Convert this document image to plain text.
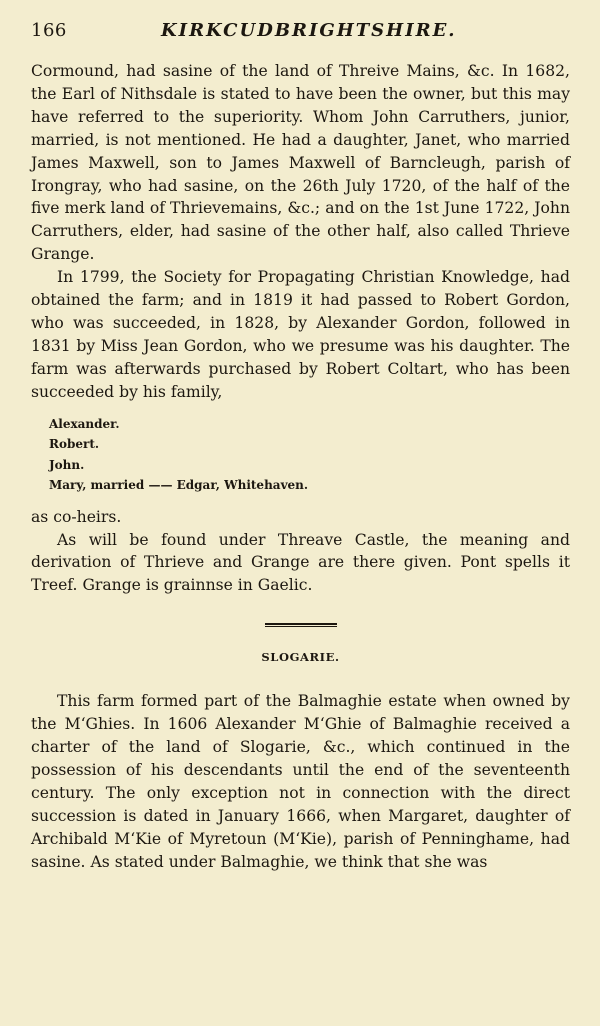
166	KIRKCUDBRIGHTSHIRE.

Cormound, had sasine of the land of Threive Mains, &c. In 1682, the Earl of Nithsdale is stated to have been the owner, but this may have referred to the superiority. Whom John Carruthers, junior, married, is not mentioned. He had a daughter, Janet, who married James Maxwell, son to James Maxwell of Barncleugh, parish of Irongray, who had sasine, on the 26th July 1720, of the half of the five merk land of Thrievemains, &c.; and on the 1st June 1722, John Carruthers, elder, had sasine of the other half, also called Thrieve Grange.

In 1799, the Society for Propagating Christian Knowledge, had obtained the farm; and in 1819 it had passed to Robert Gordon, who was succeeded, in 1828, by Alexander Gordon, followed in 1831 by Miss Jean Gordon, who we presume was his daughter. The farm was afterwards purchased by Robert Coltart, who has been succeeded by his family,

Alexander.
Robert.
John.
Mary, married —— Edgar, Whitehaven.

as co-heirs.

As will be found under Threave Castle, the meaning and derivation of Thrieve and Grange are there given. Pont spells it Treef. Grange is grainnse in Gaelic.

SLOGARIE.

This farm formed part of the Balmaghie estate when owned by the M‘Ghies. In 1606 Alexander M‘Ghie of Balmaghie received a charter of the land of Slogarie, &c., which continued in the possession of his descendants until the end of the seventeenth century. The only exception not in connection with the direct succession is dated in January 1666, when Margaret, daughter of Archibald M‘Kie of Myretoun (M‘Kie), parish of Penninghame, had sasine. As stated under Balmaghie, we think that she was
